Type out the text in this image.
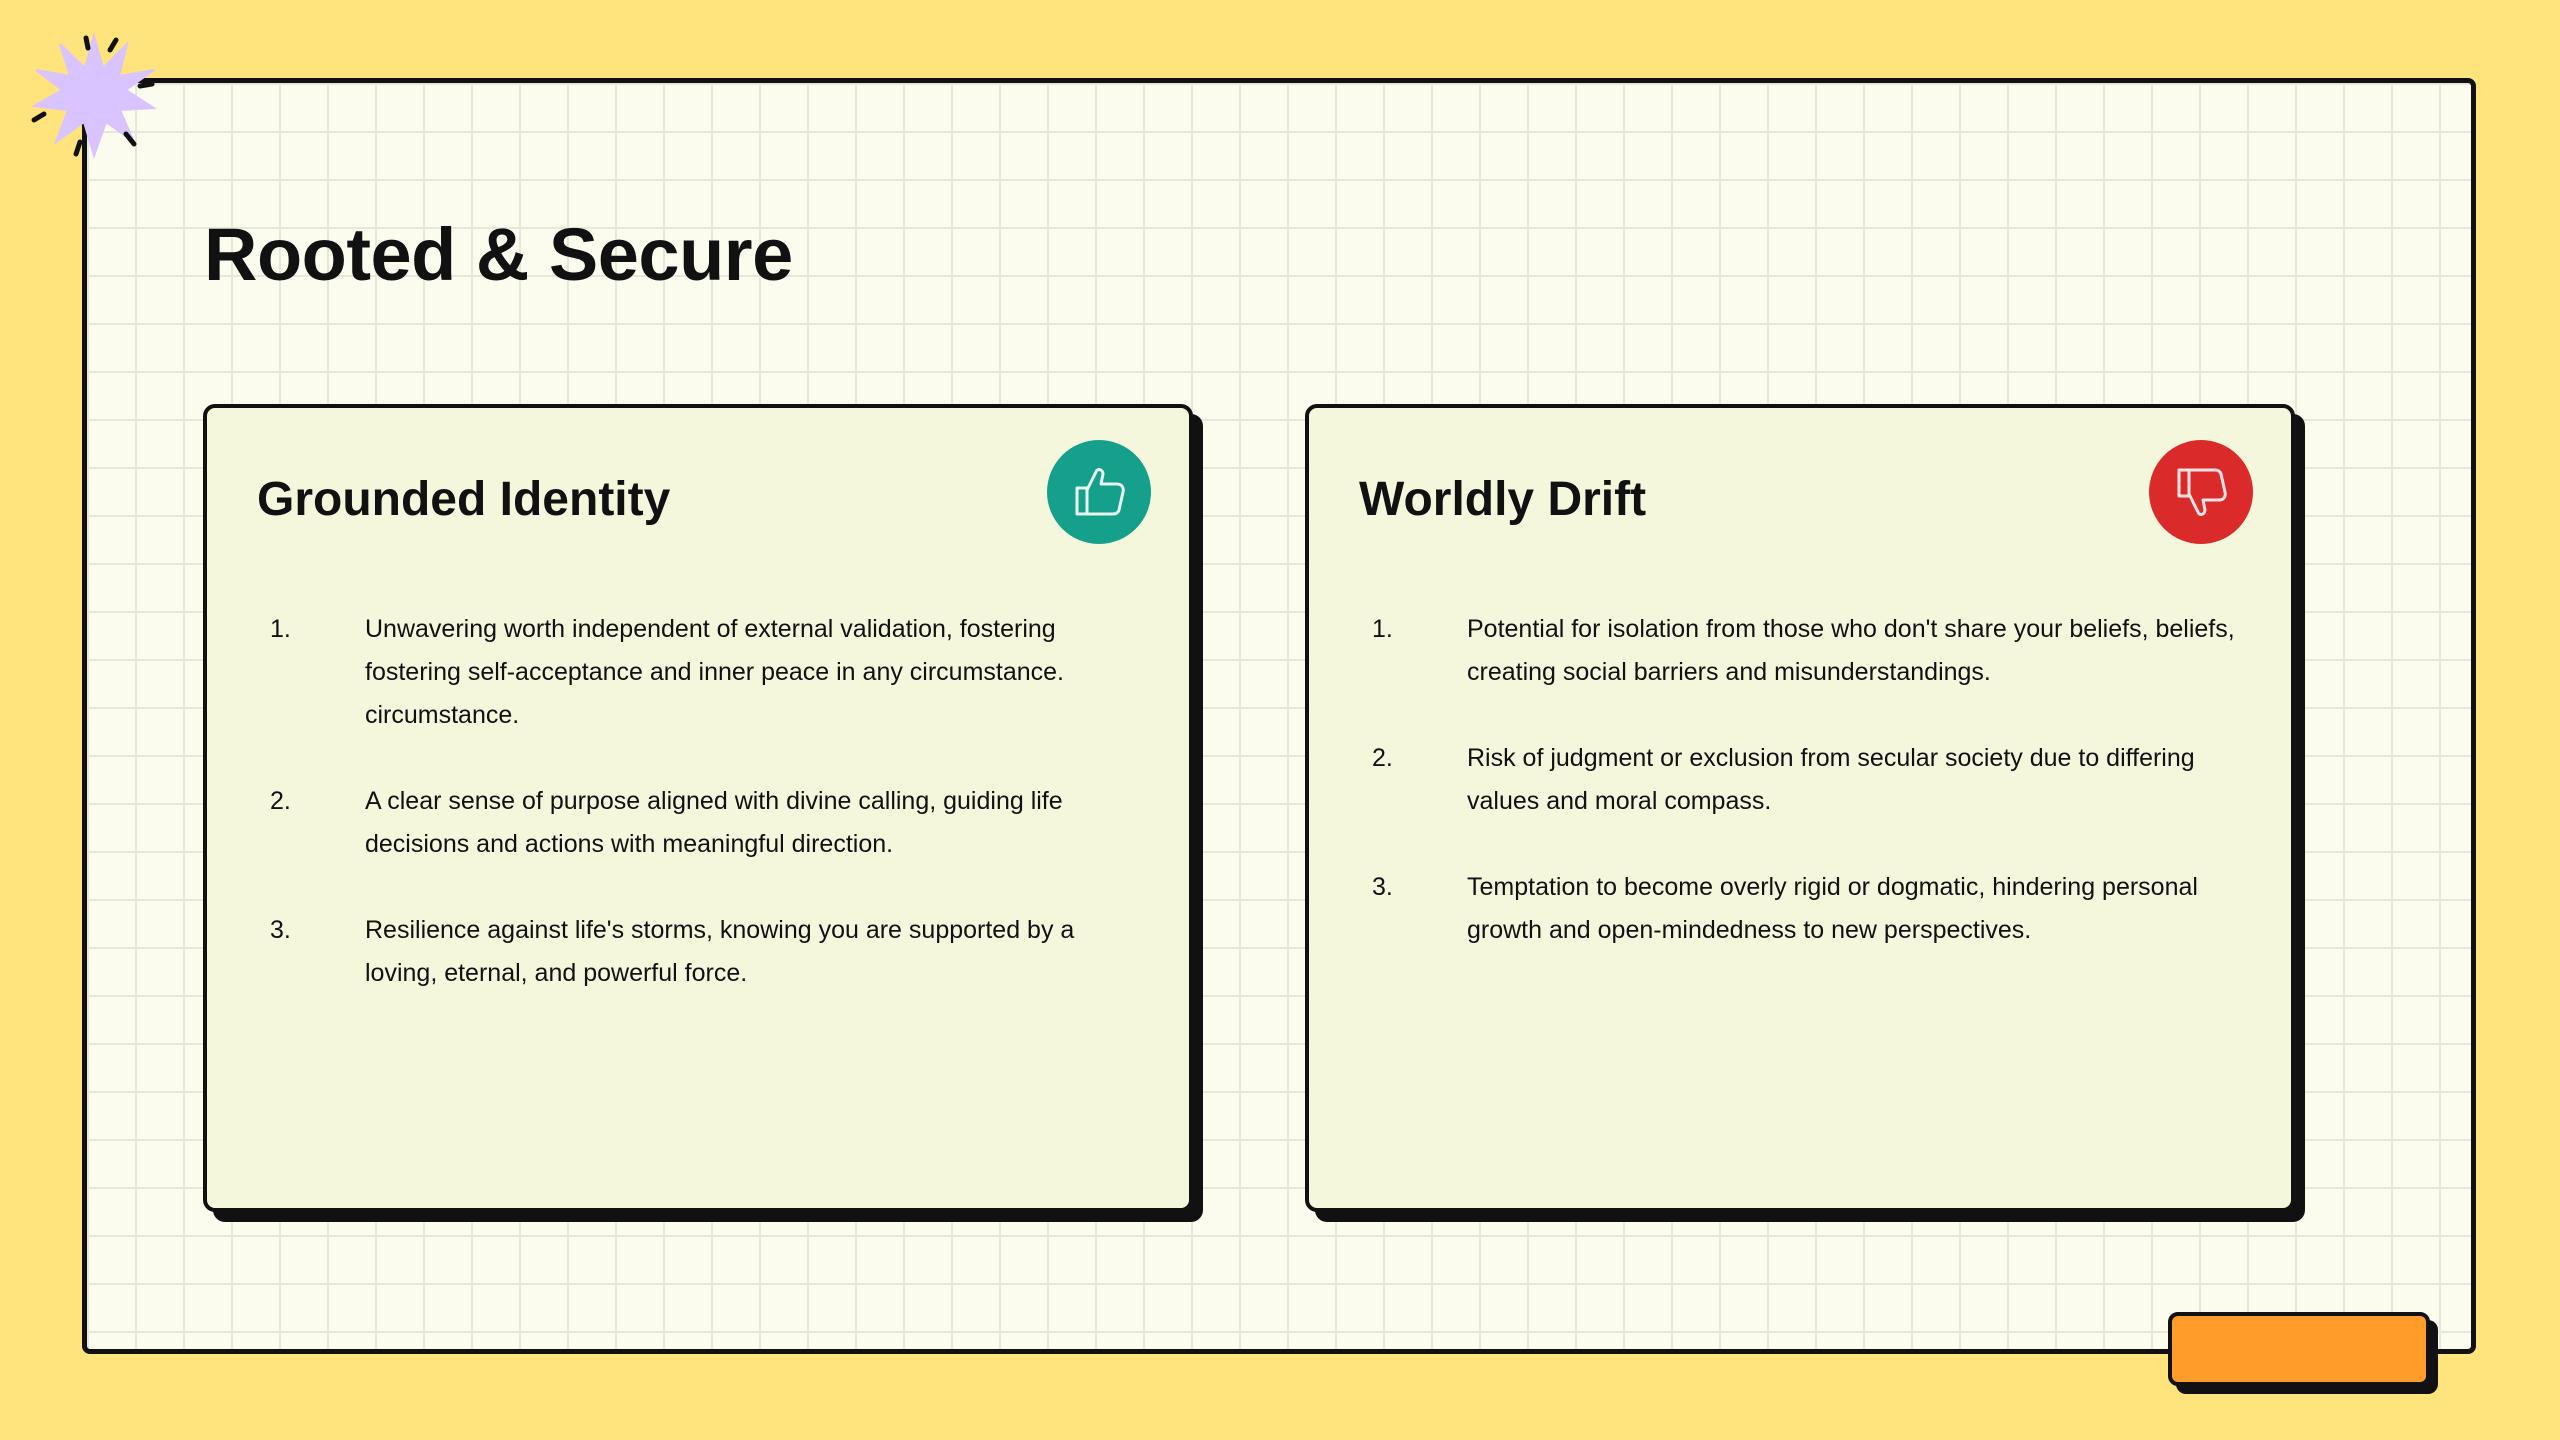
Rooted & Secure
Grounded Identity
1.	Unwavering worth independent of external validation, fostering fostering self-acceptance and inner peace in any circumstance. circumstance.
2.	A clear sense of purpose aligned with divine calling, guiding life decisions and actions with meaningful direction.
3.	Resilience against life's storms, knowing you are supported by a loving, eternal, and powerful force.
Worldly Drift
1.	Potential for isolation from those who don't share your beliefs, beliefs, creating social barriers and misunderstandings.
2.	Risk of judgment or exclusion from secular society due to differing values and moral compass.
3.	Temptation to become overly rigid or dogmatic, hindering personal growth and open-mindedness to new perspectives.
